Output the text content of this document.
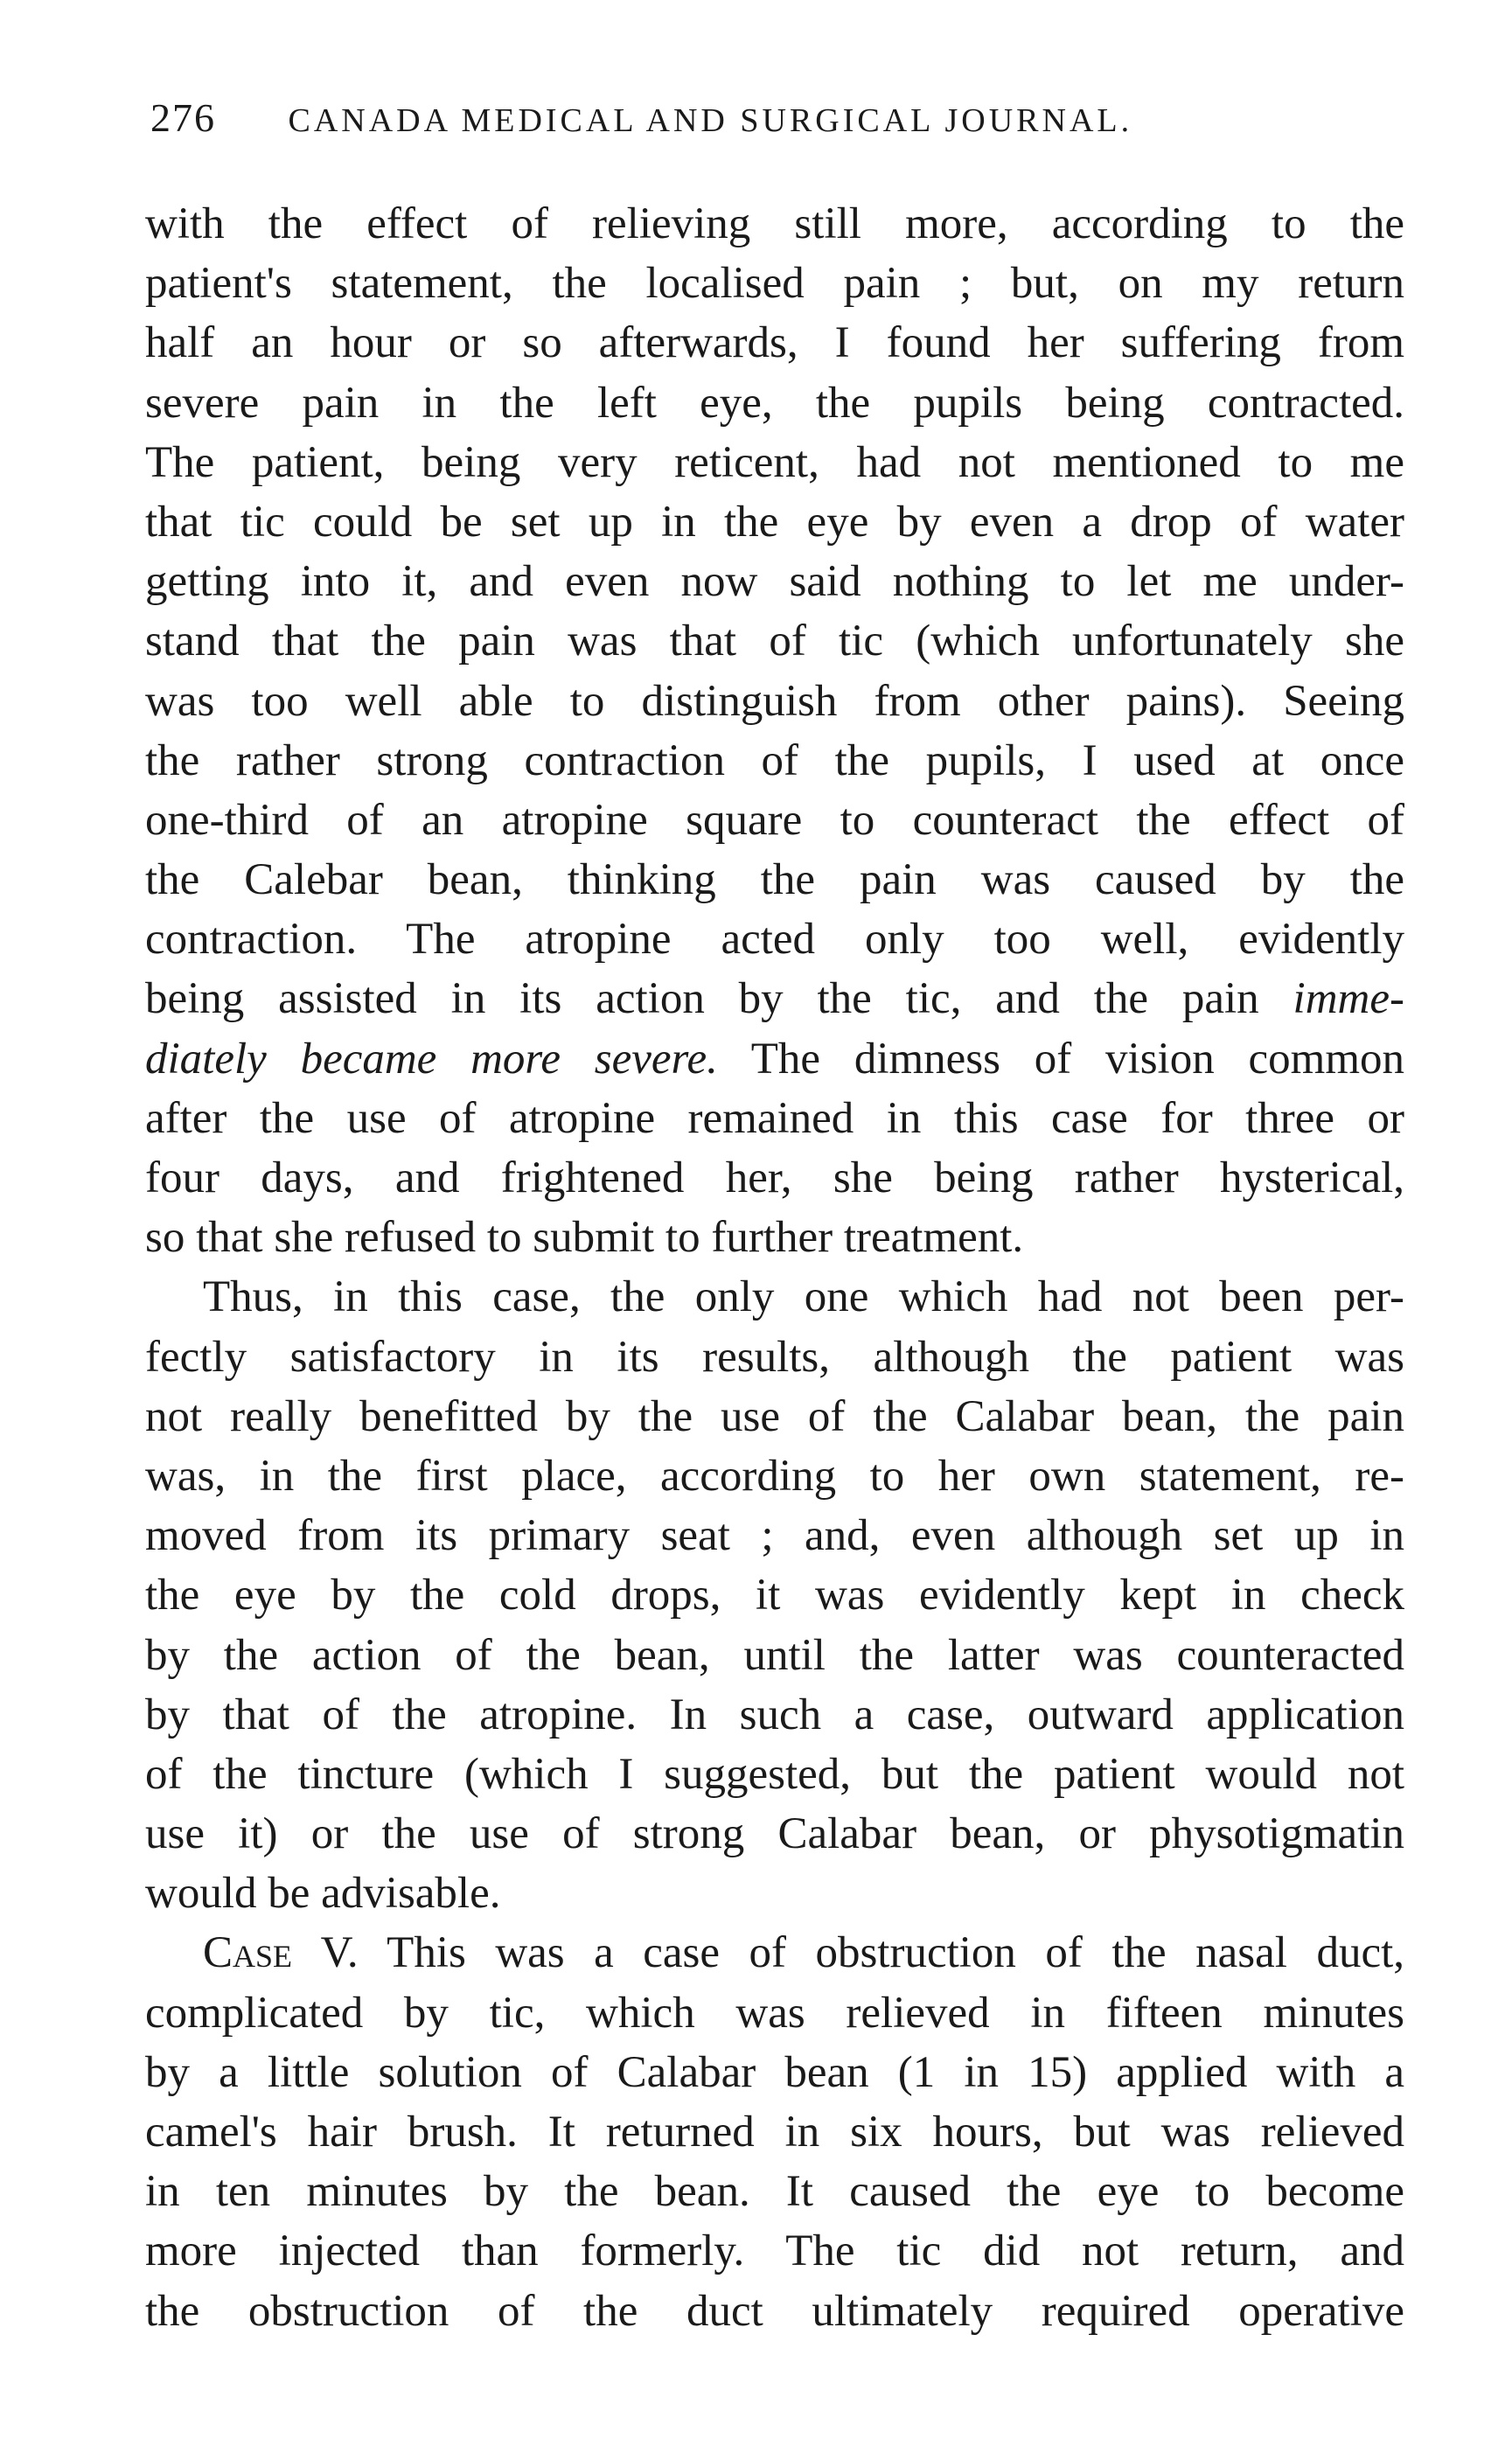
276 CANADA MEDICAL AND SURGICAL JOURNAL.
with the effect of relieving still more, according to the
patient's statement, the localised pain ; but, on my return
half an hour or so afterwards, I found her suffering from
severe pain in the left eye, the pupils being contracted.
The patient, being very reticent, had not mentioned to me
that tic could be set up in the eye by even a drop of water
getting into it, and even now said nothing to let me under-
stand that the pain was that of tic (which unfortunately she
was too well able to distinguish from other pains). Seeing
the rather strong contraction of the pupils, I used at once
one-third of an atropine square to counteract the effect of
the Calebar bean, thinking the pain was caused by the
contraction. The atropine acted only too well, evidently
being assisted in its action by the tic, and the pain imme-
diately became more severe. The dimness of vision common
after the use of atropine remained in this case for three or
four days, and frightened her, she being rather hysterical,
so that she refused to submit to further treatment.
Thus, in this case, the only one which had not been per-
fectly satisfactory in its results, although the patient was
not really benefitted by the use of the Calabar bean, the pain
was, in the first place, according to her own statement, re-
moved from its primary seat ; and, even although set up in
the eye by the cold drops, it was evidently kept in check
by the action of the bean, until the latter was counteracted
by that of the atropine. In such a case, outward application
of the tincture (which I suggested, but the patient would not
use it) or the use of strong Calabar bean, or physotigmatin
would be advisable.
Case V. This was a case of obstruction of the nasal duct,
complicated by tic, which was relieved in fifteen minutes
by a little solution of Calabar bean (1 in 15) applied with a
camel's hair brush. It returned in six hours, but was relieved
in ten minutes by the bean. It caused the eye to become
more injected than formerly. The tic did not return, and
the obstruction of the duct ultimately required operative
